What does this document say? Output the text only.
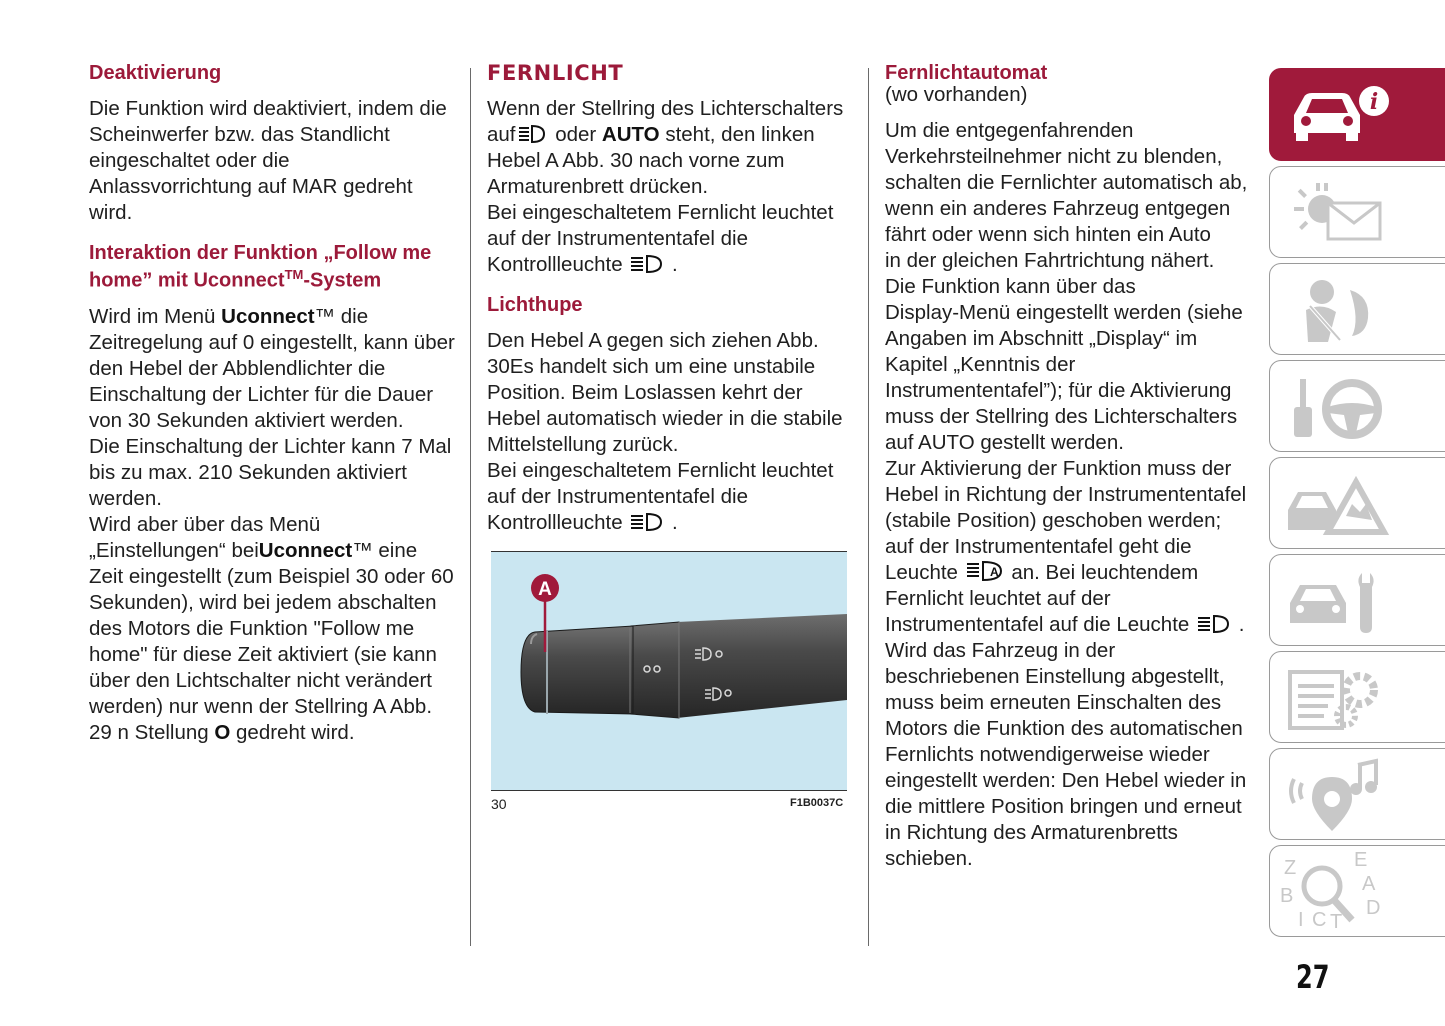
Deaktivierung

Die Funktion wird deaktiviert, indem die
Scheinwerfer bzw. das Standlicht
eingeschaltet oder die
Anlassvorrichtung auf MAR gedreht
wird.

Interaktion der Funktion „Follow me
home” mit Uconnect™-System

Wird im Menü Uconnect™ die
Zeitregelung auf 0 eingestellt, kann über
den Hebel der Abblendlichter die
Einschaltung der Lichter für die Dauer
von 30 Sekunden aktiviert werden.
Die Einschaltung der Lichter kann 7 Mal
bis zu max. 210 Sekunden aktiviert
werden.
Wird aber über das Menü
„Einstellungen“ beiUconnect™ eine
Zeit eingestellt (zum Beispiel 30 oder 60
Sekunden), wird bei jedem abschalten
des Motors die Funktion "Follow me
home" für diese Zeit aktiviert (sie kann
über den Lichtschalter nicht verändert
werden) nur wenn der Stellring A Abb.
29 n Stellung O gedreht wird.

FERNLICHT

Wenn der Stellring des Lichterschalters
auf oder AUTO steht, den linken
Hebel A Abb. 30 nach vorne zum
Armaturenbrett drücken.
Bei eingeschaltetem Fernlicht leuchtet
auf der Instrumententafel die
Kontrollleuchte  .

Lichthupe

Den Hebel A gegen sich ziehen Abb.
30Es handelt sich um eine unstabile
Position. Beim Loslassen kehrt der
Hebel automatisch wieder in die stabile
Mittelstellung zurück.
Bei eingeschaltetem Fernlicht leuchtet
auf der Instrumententafel die
Kontrollleuchte  .

A
30	F1B0037C
Fernlichtautomat

(wo vorhanden)

Um die entgegenfahrenden
Verkehrsteilnehmer nicht zu blenden,
schalten die Fernlichter automatisch ab,
wenn ein anderes Fahrzeug entgegen
fährt oder wenn sich hinten ein Auto
in der gleichen Fahrtrichtung nähert.
Die Funktion kann über das
Display-Menü eingestellt werden (siehe
Angaben im Abschnitt „Display“ im
Kapitel „Kenntnis der
Instrumententafel”); für die Aktivierung
muss der Stellring des Lichterschalters
auf AUTO gestellt werden.
Zur Aktivierung der Funktion muss der
Hebel in Richtung der Instrumententafel
(stabile Position) geschoben werden;
auf der Instrumententafel geht die
Leuchte	A an. Bei leuchtendem
Fernlicht leuchtet auf der
Instrumententafel auf die Leuchte  .
Wird das Fahrzeug in der
beschriebenen Einstellung abgestellt,
muss beim erneuten Einschalten des
Motors die Funktion des automatischen
Fernlichts notwendigerweise wieder
eingestellt werden: Den Hebel wieder in
die mittlere Position bringen und erneut
in Richtung des Armaturenbretts
schieben.

i
Z	E
A
B
D
I C T
27
